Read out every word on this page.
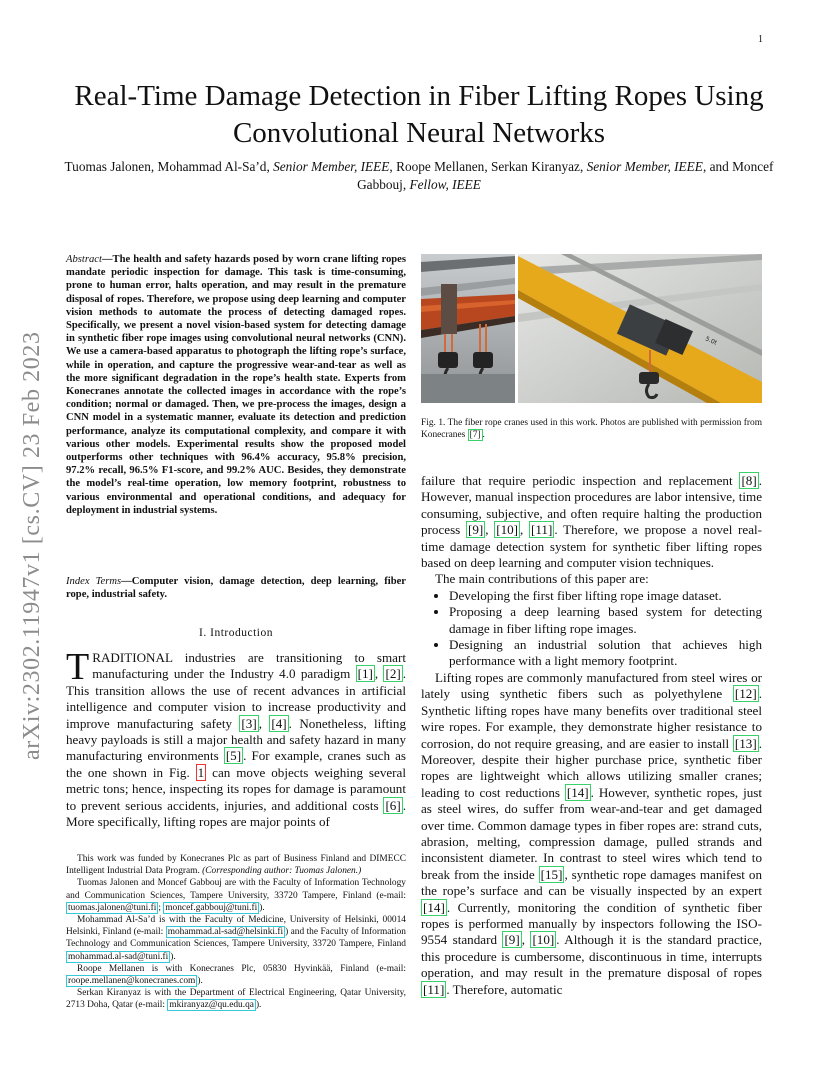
1
Real-Time Damage Detection in Fiber Lifting Ropes Using Convolutional Neural Networks
Tuomas Jalonen, Mohammad Al-Sa’d, Senior Member, IEEE, Roope Mellanen, Serkan Kiranyaz, Senior Member, IEEE, and Moncef Gabbouj, Fellow, IEEE
arXiv:2302.11947v1 [cs.CV] 23 Feb 2023
Abstract—The health and safety hazards posed by worn crane lifting ropes mandate periodic inspection for damage. This task is time-consuming, prone to human error, halts operation, and may result in the premature disposal of ropes. Therefore, we propose using deep learning and computer vision methods to automate the process of detecting damaged ropes. Specifically, we present a novel vision-based system for detecting damage in synthetic fiber rope images using convolutional neural networks (CNN). We use a camera-based apparatus to photograph the lifting rope’s surface, while in operation, and capture the progressive wear-and-tear as well as the more significant degradation in the rope’s health state. Experts from Konecranes annotate the collected images in accordance with the rope’s condition; normal or damaged. Then, we pre-process the images, design a CNN model in a systematic manner, evaluate its detection and prediction performance, analyze its computational complexity, and compare it with various other models. Experimental results show the proposed model outperforms other techniques with 96.4% accuracy, 95.8% precision, 97.2% recall, 96.5% F1-score, and 99.2% AUC. Besides, they demonstrate the model’s real-time operation, low memory footprint, robustness to various environmental and operational conditions, and adequacy for deployment in industrial systems.
Index Terms—Computer vision, damage detection, deep learning, fiber rope, industrial safety.
I. Introduction
TRADITIONAL industries are transitioning to smart manufacturing under the Industry 4.0 paradigm [1] , [2] . This transition allows the use of recent advances in artificial intelligence and computer vision to increase productivity and improve manufacturing safety [3] , [4] . Nonetheless, lifting heavy payloads is still a major health and safety hazard in many manufacturing environments [5] . For example, cranes such as the one shown in Fig. 1 can move objects weighing several metric tons; hence, inspecting its ropes for damage is paramount to prevent serious accidents, injuries, and additional costs [6] . More specifically, lifting ropes are major points of

This work was funded by Konecranes Plc as part of Business Finland and DIMECC Intelligent Industrial Data Program. (Corresponding author: Tuomas Jalonen.)

Tuomas Jalonen and Moncef Gabbouj are with the Faculty of Information Technology and Communication Sciences, Tampere University, 33720 Tampere, Finland (e-mail: tuomas.jalonen@tuni.fi ; moncef.gabbouj@tuni.fi ).

Mohammad Al-Sa’d is with the Faculty of Medicine, University of Helsinki, 00014 Helsinki, Finland (e-mail: mohammad.al-sad@helsinki.fi ) and the Faculty of Information Technology and Communication Sciences, Tampere University, 33720 Tampere, Finland mohammad.al-sad@tuni.fi ).

Roope Mellanen is with Konecranes Plc, 05830 Hyvinkää, Finland (e-mail: roope.mellanen@konecranes.com ).

Serkan Kiranyaz is with the Department of Electrical Engineering, Qatar University, 2713 Doha, Qatar (e-mail: mkiranyaz@qu.edu.qa ).

5.0t
Fig. 1. The fiber rope cranes used in this work. Photos are published with permission from Konecranes [7] .

failure that require periodic inspection and replacement [8] . However, manual inspection procedures are labor intensive, time consuming, subjective, and often require halting the production process [9] , [10] , [11] . Therefore, we propose a novel real-time damage detection system for synthetic fiber lifting ropes based on deep learning and computer vision techniques.

The main contributions of this paper are:

• Developing the first fiber lifting rope image dataset.
• Proposing a deep learning based system for detecting damage in fiber lifting rope images.
• Designing an industrial solution that achieves high performance with a light memory footprint.

Lifting ropes are commonly manufactured from steel wires or lately using synthetic fibers such as polyethylene [12] . Synthetic lifting ropes have many benefits over traditional steel wire ropes. For example, they demonstrate higher resistance to corrosion, do not require greasing, and are easier to install [13] . Moreover, despite their higher purchase price, synthetic fiber ropes are lightweight which allows utilizing smaller cranes; leading to cost reductions [14] . However, synthetic ropes, just as steel wires, do suffer from wear-and-tear and get damaged over time. Common damage types in fiber ropes are: strand cuts, abrasion, melting, compression damage, pulled strands and inconsistent diameter. In contrast to steel wires which tend to break from the inside [15] , synthetic rope damages manifest on the rope’s surface and can be visually inspected by an expert [14] . Currently, monitoring the condition of synthetic fiber ropes is performed manually by inspectors following the ISO-9554 standard [9] , [10] . Although it is the standard practice, this procedure is cumbersome, discontinuous in time, interrupts operation, and may result in the premature disposal of ropes [11] . Therefore, automatic
